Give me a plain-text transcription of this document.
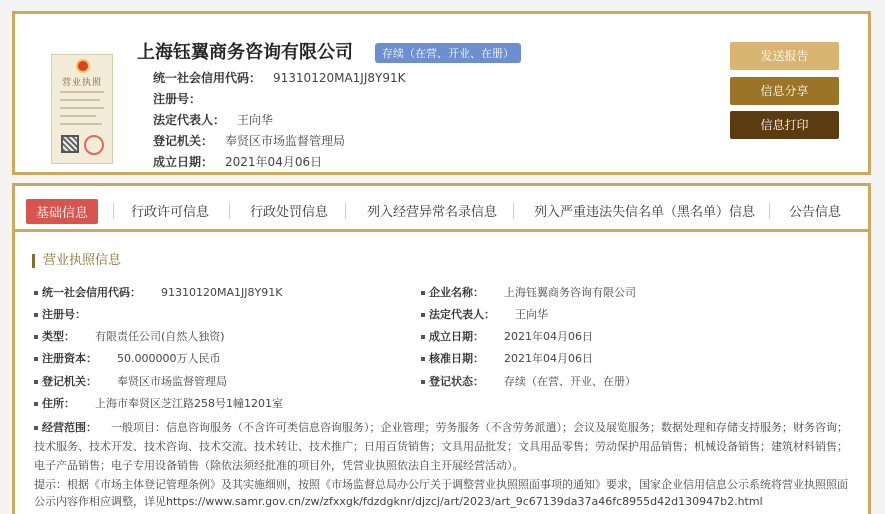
营业执照
上海钰翼商务咨询有限公司	存续（在营、开业、在册）
统一社会信用代码： 91310120MA1JJ8Y91K
注册号：
法定代表人： 王向华
登记机关： 奉贤区市场监督管理局
成立日期： 2021年04月06日
发送报告
信息分享
信息打印
基础信息	行政许可信息	行政处罚信息	列入经营异常名录信息	列入严重违法失信名单（黑名单）信息	公告信息
营业执照信息
统一社会信用代码： 91310120MA1JJ8Y91K
注册号：
类型： 有限责任公司(自然人独资)
注册资本： 50.000000万人民币
登记机关： 奉贤区市场监督管理局
住所： 上海市奉贤区芝江路258号1幢1201室
企业名称： 上海钰翼商务咨询有限公司
法定代表人： 王向华
成立日期： 2021年04月06日
核准日期： 2021年04月06日
登记状态： 存续（在营、开业、在册）
经营范围： 一般项目：信息咨询服务（不含许可类信息咨询服务）；企业管理；劳务服务（不含劳务派遣）；会议及展览服务；数据处理和存储支持服务；财务咨询；技术服务、技术开发、技术咨询、技术交流、技术转让、技术推广；日用百货销售；文具用品批发；文具用品零售；劳动保护用品销售；机械设备销售；建筑材料销售；电子产品销售；电子专用设备销售（除依法须经批准的项目外，凭营业执照依法自主开展经营活动）。
提示：根据《市场主体登记管理条例》及其实施细则，按照《市场监督总局办公厅关于调整营业执照照面事项的通知》要求，国家企业信用信息公示系统将营业执照照面公示内容作相应调整，详见https://www.samr.gov.cn/zw/zfxxgk/fdzdgknr/djzcj/art/2023/art_9c67139da37a46fc8955d42d130947b2.html
